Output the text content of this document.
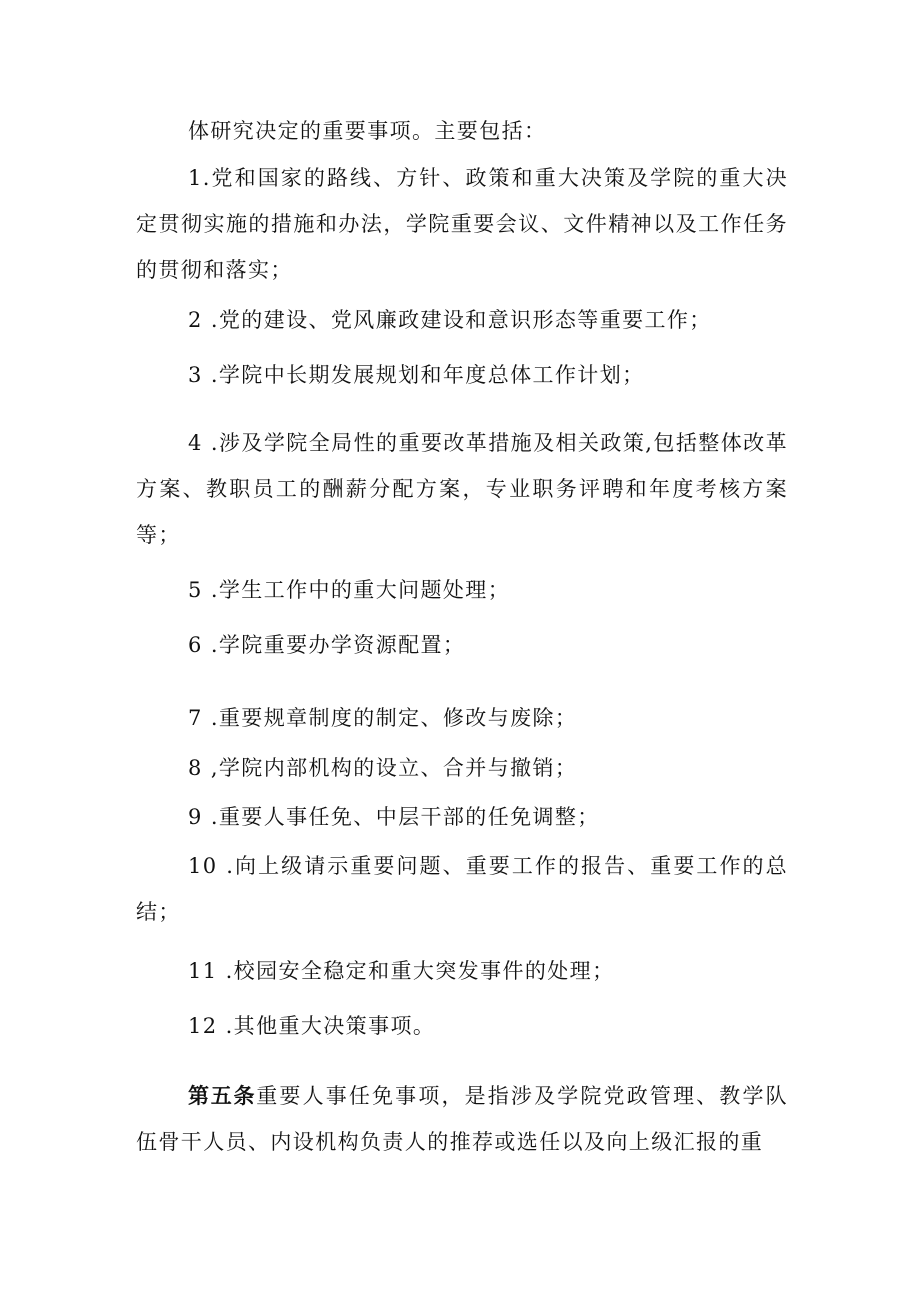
体研究决定的重要事项。主要包括：

1.党和国家的路线、方针、政策和重大决策及学院的重大决定贯彻实施的措施和办法，学院重要会议、文件精神以及工作任务的贯彻和落实；

2 .党的建设、党风廉政建设和意识形态等重要工作；

3 .学院中长期发展规划和年度总体工作计划；

4 .涉及学院全局性的重要改革措施及相关政策,包括整体改革方案、教职员工的酬薪分配方案，专业职务评聘和年度考核方案等；

5 .学生工作中的重大问题处理；

6 .学院重要办学资源配置；

7 .重要规章制度的制定、修改与废除；

8 ,学院内部机构的设立、合并与撤销；

9 .重要人事任免、中层干部的任免调整；

10 .向上级请示重要问题、重要工作的报告、重要工作的总结；

11 .校园安全稳定和重大突发事件的处理；

12 .其他重大决策事项。

第五条重要人事任免事项，是指涉及学院党政管理、教学队伍骨干人员、内设机构负责人的推荐或选任以及向上级汇报的重
